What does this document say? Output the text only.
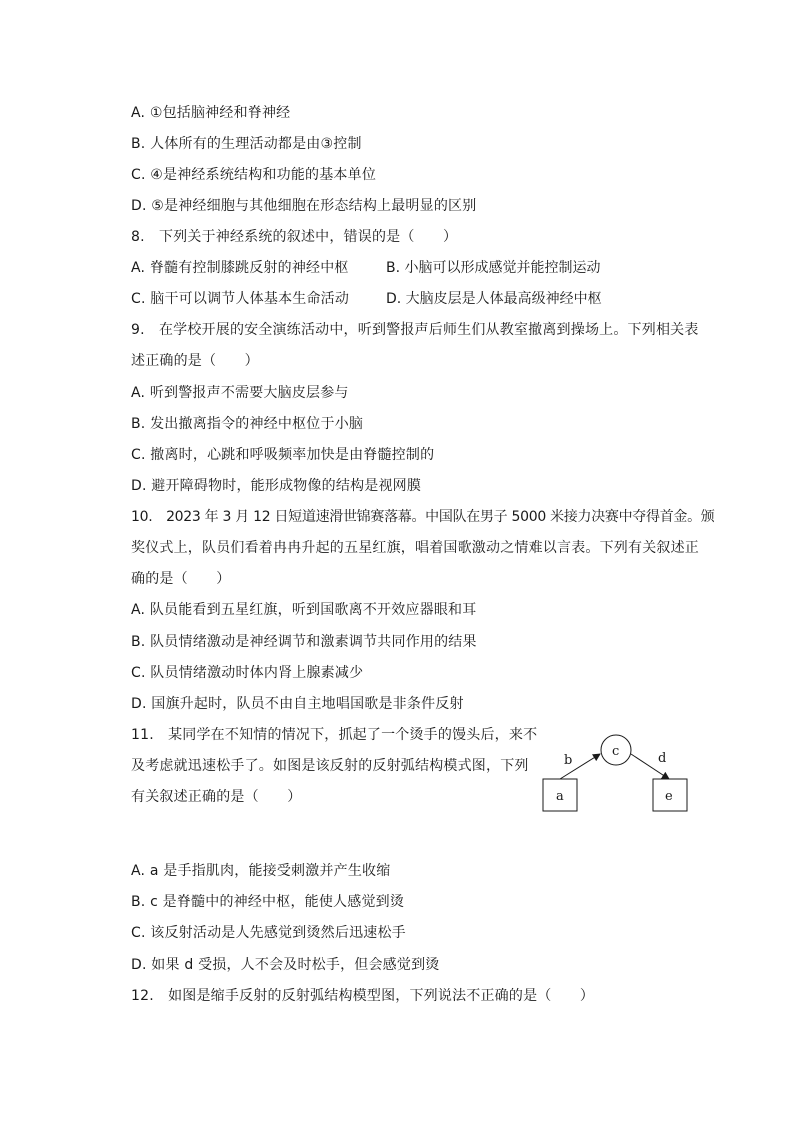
A. ①包括脑神经和脊神经
B. 人体所有的生理活动都是由③控制
C. ④是神经系统结构和功能的基本单位
D. ⑤是神经细胞与其他细胞在形态结构上最明显的区别
8.　下列关于神经系统的叙述中，错误的是（　　）
A. 脊髓有控制膝跳反射的神经中枢	B. 小脑可以形成感觉并能控制运动
C. 脑干可以调节人体基本生命活动	D. 大脑皮层是人体最高级神经中枢
9.　在学校开展的安全演练活动中，听到警报声后师生们从教室撤离到操场上。下列相关表
述正确的是（　　）
A. 听到警报声不需要大脑皮层参与
B. 发出撤离指令的神经中枢位于小脑
C. 撤离时，心跳和呼吸频率加快是由脊髓控制的
D. 避开障碍物时，能形成物像的结构是视网膜
10.　2023 年 3 月 12 日短道速滑世锦赛落幕。中国队在男子 5000 米接力决赛中夺得首金。颁
奖仪式上，队员们看着冉冉升起的五星红旗，唱着国歌激动之情难以言表。下列有关叙述正
确的是（　　）
A. 队员能看到五星红旗，听到国歌离不开效应器眼和耳
B. 队员情绪激动是神经调节和激素调节共同作用的结果
C. 队员情绪激动时体内肾上腺素减少
D. 国旗升起时，队员不由自主地唱国歌是非条件反射
11.　某同学在不知情的情况下，抓起了一个烫手的馒头后，来不
及考虑就迅速松手了。如图是该反射的反射弧结构模式图，下列
有关叙述正确的是（　　）	a	e
c
b	d
A. a 是手指肌肉，能接受刺激并产生收缩
B. c 是脊髓中的神经中枢，能使人感觉到烫
C. 该反射活动是人先感觉到烫然后迅速松手
D. 如果 d 受损，人不会及时松手，但会感觉到烫
12.　如图是缩手反射的反射弧结构模型图，下列说法不正确的是（　　）
